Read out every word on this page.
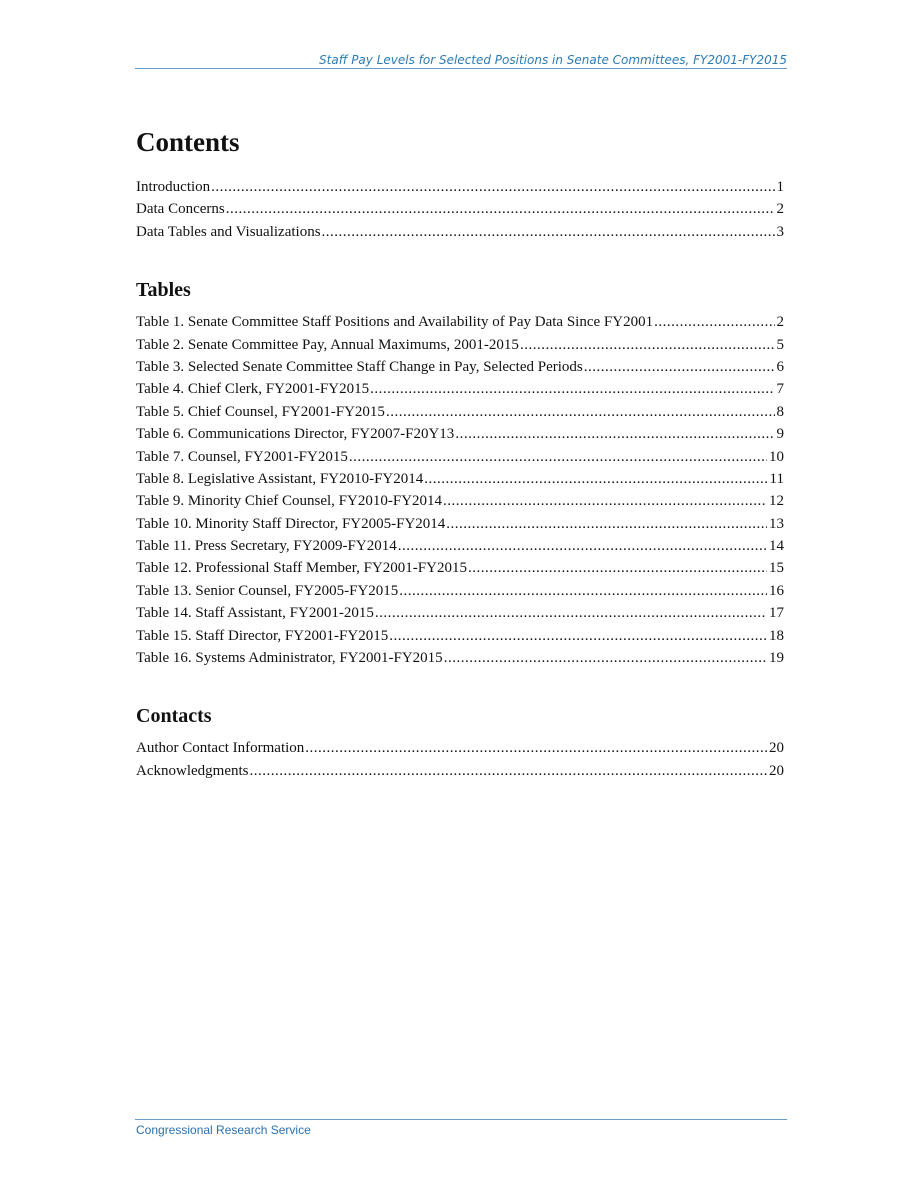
Staff Pay Levels for Selected Positions in Senate Committees, FY2001-FY2015
Contents
Introduction .....	1
Data Concerns .....	2
Data Tables and Visualizations .....	3
Tables
Table 1. Senate Committee Staff Positions and Availability of Pay Data Since FY2001 .....	2
Table 2. Senate Committee Pay, Annual Maximums, 2001-2015 .....	5
Table 3. Selected Senate Committee Staff Change in Pay, Selected Periods .....	6
Table 4. Chief Clerk, FY2001-FY2015 .....	7
Table 5. Chief Counsel, FY2001-FY2015 .....	8
Table 6. Communications Director, FY2007-F20Y13 .....	9
Table 7. Counsel, FY2001-FY2015 .....	10
Table 8. Legislative Assistant, FY2010-FY2014 .....	11
Table 9. Minority Chief Counsel, FY2010-FY2014 .....	12
Table 10. Minority Staff Director, FY2005-FY2014 .....	13
Table 11. Press Secretary, FY2009-FY2014 .....	14
Table 12. Professional Staff Member, FY2001-FY2015 .....	15
Table 13. Senior Counsel, FY2005-FY2015 .....	16
Table 14. Staff Assistant, FY2001-2015 .....	17
Table 15. Staff Director, FY2001-FY2015 .....	18
Table 16. Systems Administrator, FY2001-FY2015 .....	19
Contacts
Author Contact Information .....	20
Acknowledgments .....	20
Congressional Research Service
